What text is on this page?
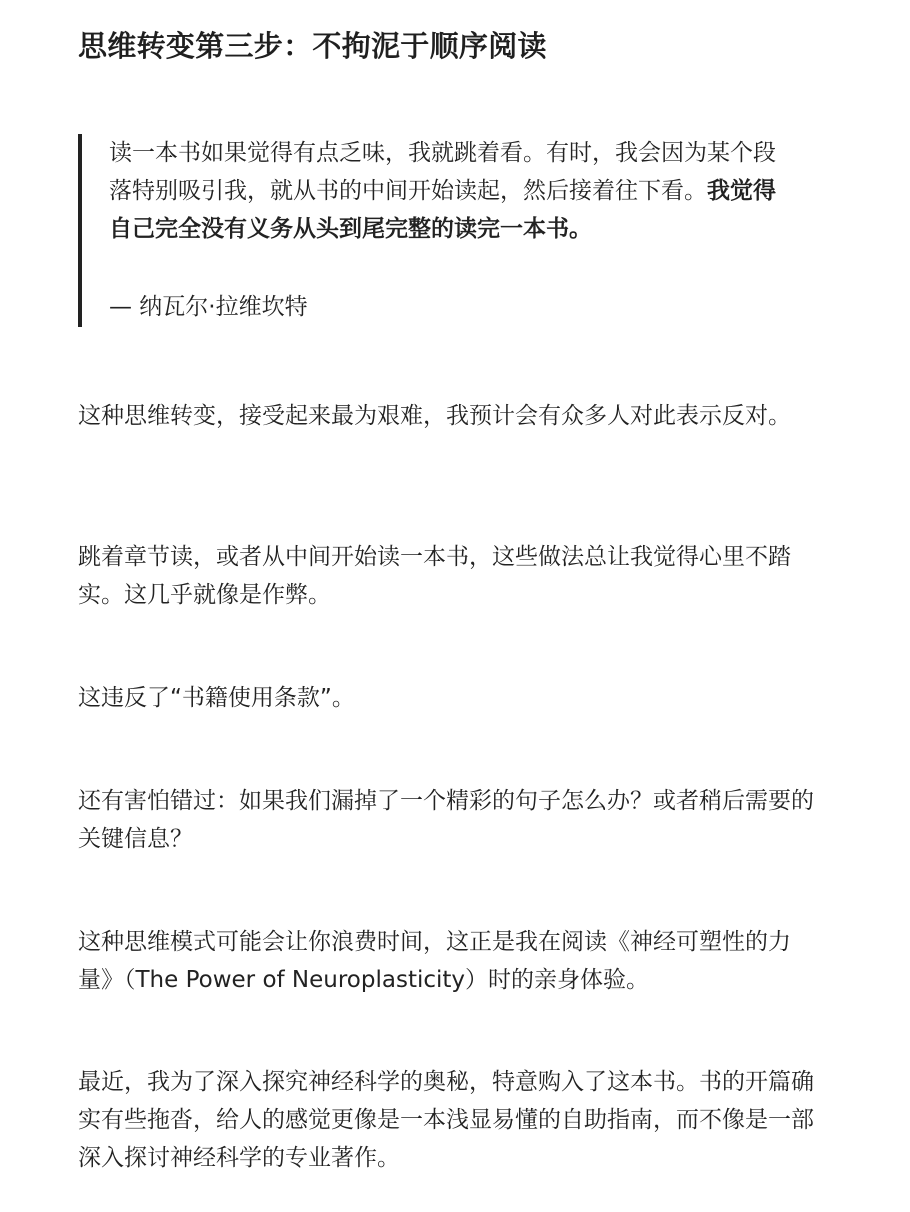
思维转变第三步：不拘泥于顺序阅读

读一本书如果觉得有点乏味，我就跳着看。有时，我会因为某个段落特别吸引我，就从书的中间开始读起，然后接着往下看。我觉得自己完全没有义务从头到尾完整的读完一本书。

— 纳瓦尔·拉维坎特

这种思维转变，接受起来最为艰难，我预计会有众多人对此表示反对。

跳着章节读，或者从中间开始读一本书，这些做法总让我觉得心里不踏实。这几乎就像是作弊。

这违反了“书籍使用条款”。

还有害怕错过：如果我们漏掉了一个精彩的句子怎么办？或者稍后需要的关键信息？

这种思维模式可能会让你浪费时间，这正是我在阅读《神经可塑性的力量》（The Power of Neuroplasticity）时的亲身体验。

最近，我为了深入探究神经科学的奥秘，特意购入了这本书。书的开篇确实有些拖沓，给人的感觉更像是一本浅显易懂的自助指南，而不像是一部深入探讨神经科学的专业著作。
